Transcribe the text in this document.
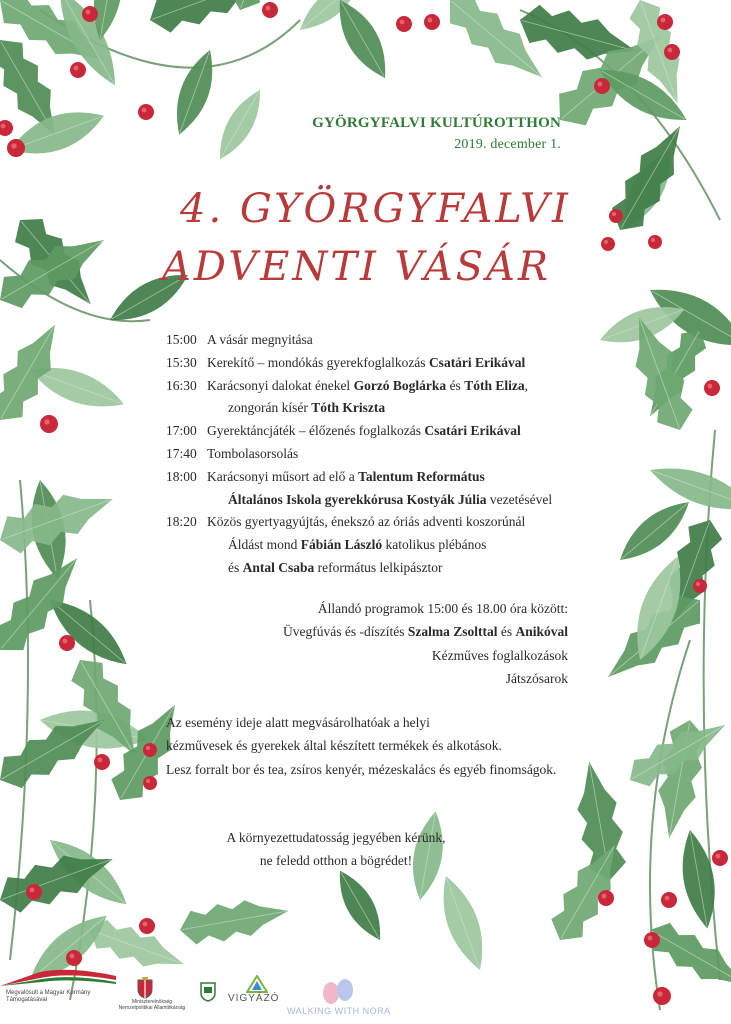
GYÖRGYFALVI KULTÚROTTHON
2019. december 1.
4. GYÖRGYFALVI
ADVENTI VÁSÁR
15:00 A vásár megnyitása
15:30 Kerekítő – mondókás gyerekfoglalkozás Csatári Erikával
16:30 Karácsonyi dalokat énekel Gorzó Boglárka és Tóth Eliza,
zongorán kísér Tóth Kriszta
17:00 Gyerektáncjáték – élőzenés foglalkozás Csatári Erikával
17:40 Tombolasorsolás
18:00 Karácsonyi műsort ad elő a Talentum Református
Általános Iskola gyerekkórusa Kostyák Júlia vezetésével
18:20 Közös gyertyagyújtás, énekszó az óriás adventi koszorúnál
Áldást mond Fábián László katolikus plébános
és Antal Csaba református lelkipásztor
Állandó programok 15:00 és 18.00 óra között:
Üvegfúvás és -díszítés Szalma Zsolttal és Anikóval
Kézműves foglalkozások
Játszósarok
Az esemény ideje alatt megvásárolhatóak a helyi
kézművesek és gyerekek által készített termékek és alkotások.
Lesz forralt bor és tea, zsíros kenyér, mézeskalács és egyéb finomságok.
A környezettudatosság jegyében kérünk,
ne feledd otthon a bögrédet!
Megvalósult a Magyar Kormány Támogatásával	Miniszterelnökség Nemzetpolitikai Államtitkárság
VIGYÁZÓ
WALKING WITH NORA
